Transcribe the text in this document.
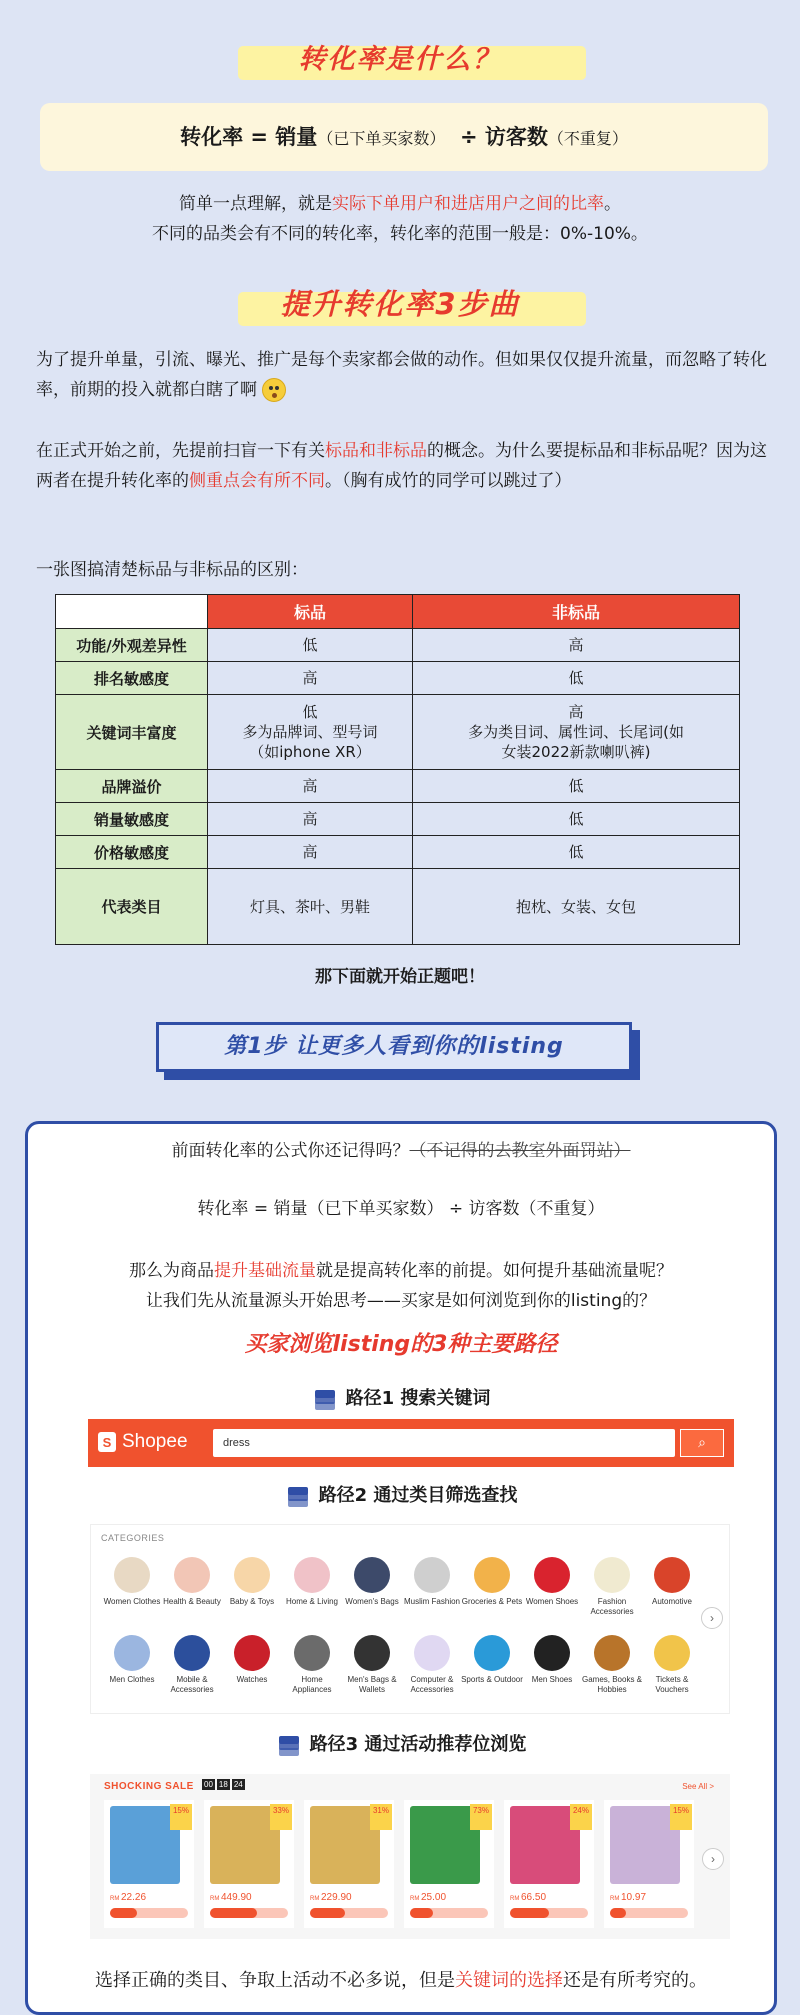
转化率是什么？
转化率 = 销量（已下单买家数） ÷ 访客数（不重复）
简单一点理解，就是实际下单用户和进店用户之间的比率。
不同的品类会有不同的转化率，转化率的范围一般是：0%-10%。
提升转化率3步曲
为了提升单量，引流、曝光、推广是每个卖家都会做的动作。但如果仅仅提升流量，而忽略了转化率，前期的投入就都白瞎了啊
在正式开始之前，先提前扫盲一下有关标品和非标品的概念。为什么要提标品和非标品呢？因为这两者在提升转化率的侧重点会有所不同。（胸有成竹的同学可以跳过了）
一张图搞清楚标品与非标品的区别：
	标品	非标品
功能/外观差异性	低	高
排名敏感度	高	低
关键词丰富度	低
多为品牌词、型号词
（如iphone XR）	高
多为类目词、属性词、长尾词(如
女装2022新款喇叭裤)
品牌溢价	高	低
销量敏感度	高	低
价格敏感度	高	低
代表类目	灯具、茶叶、男鞋	抱枕、女装、女包
那下面就开始正题吧！
第1步 让更多人看到你的listing
前面转化率的公式你还记得吗？（不记得的去教室外面罚站）
转化率 = 销量（已下单买家数） ÷ 访客数（不重复）
那么为商品提升基础流量就是提高转化率的前提。如何提升基础流量呢？
让我们先从流量源头开始思考——买家是如何浏览到你的listing的？
买家浏览listing的3种主要路径
路径1 搜索关键词
S Shopee	dress	⌕
路径2 通过类目筛选查找
CATEGORIES
Women Clothes Health & Beauty	Baby & Toys	Home & Living Women's Bags Muslim Fashion Groceries & Pets Women Shoes	Fashion Accessories
Automotive
Men Clothes	Mobile & Accessories
Watches	Home Appliances
Men's Bags & Wallets
Computer & Accessories
Sports & Outdoor	Men Shoes	Games, Books & Hobbies
Tickets & Vouchers
›
路径3 通过活动推荐位浏览
SHOCKING SALE 00 18 24	See All >
15%
RM 22.26
33%
RM 449.90
31%
RM 229.90
73%
RM 25.00
24%
RM 66.50
15%
RM 10.97
›
选择正确的类目、争取上活动不必多说，但是关键词的选择还是有所考究的。
